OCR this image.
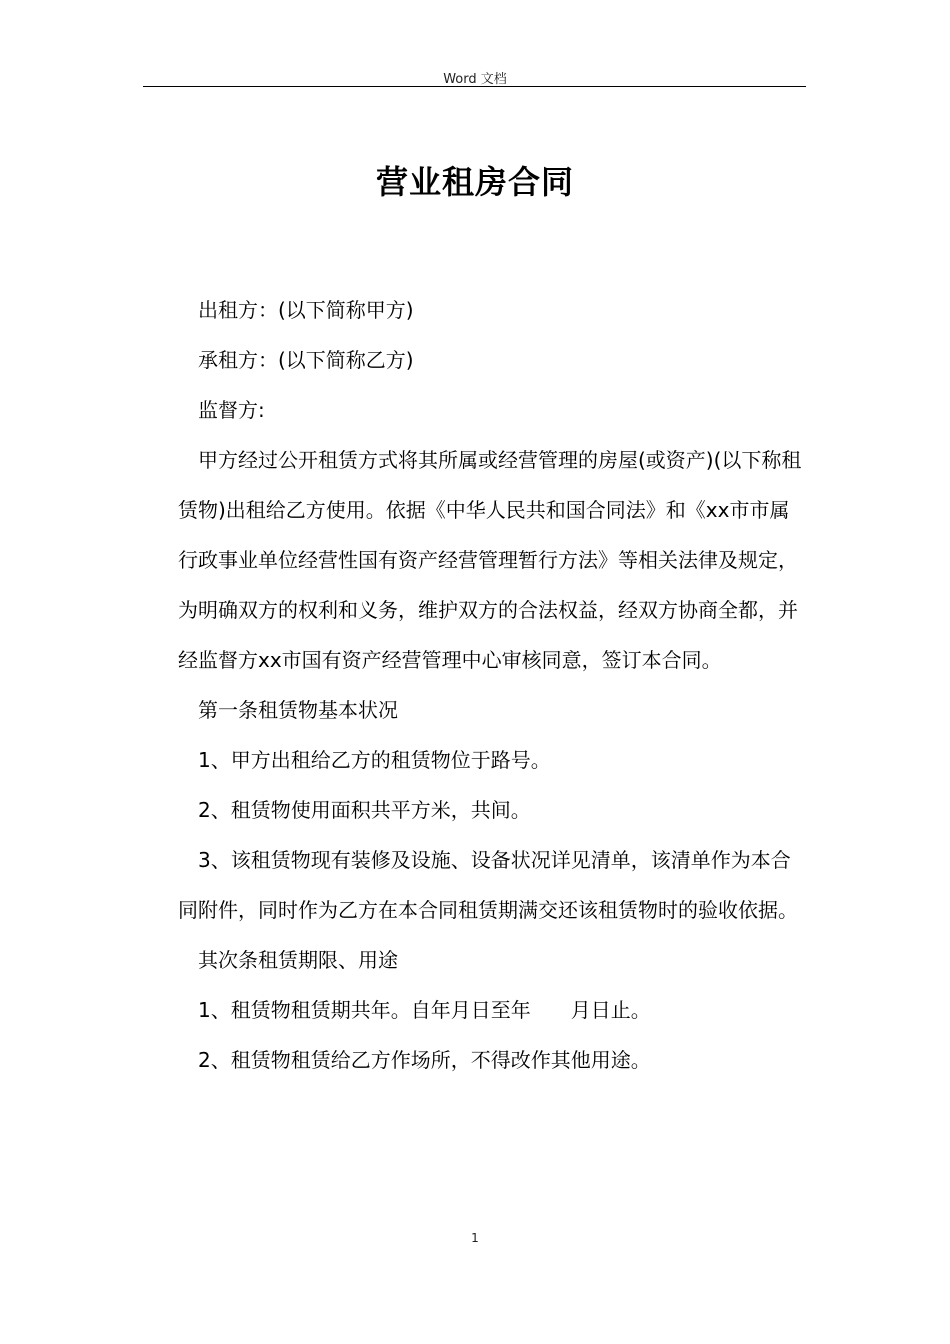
Word 文档
营业租房合同

出租方：(以下简称甲方)

承租方：(以下简称乙方)

监督方:

甲方经过公开租赁方式将其所属或经营管理的房屋(或资产)(以下称租赁物)出租给乙方使用。依据《中华人民共和国合同法》和《xx市市属行政事业单位经营性国有资产经营管理暂行方法》等相关法律及规定，为明确双方的权利和义务，维护双方的合法权益，经双方协商全都，并经监督方xx市国有资产经营管理中心审核同意，签订本合同。

第一条租赁物基本状况

1、甲方出租给乙方的租赁物位于路号。

2、租赁物使用面积共平方米，共间。

3、该租赁物现有装修及设施、设备状况详见清单，该清单作为本合同附件，同时作为乙方在本合同租赁期满交还该租赁物时的验收依据。

其次条租赁期限、用途

1、租赁物租赁期共年。自年月日至年　　月日止。

2、租赁物租赁给乙方作场所，不得改作其他用途。

1
